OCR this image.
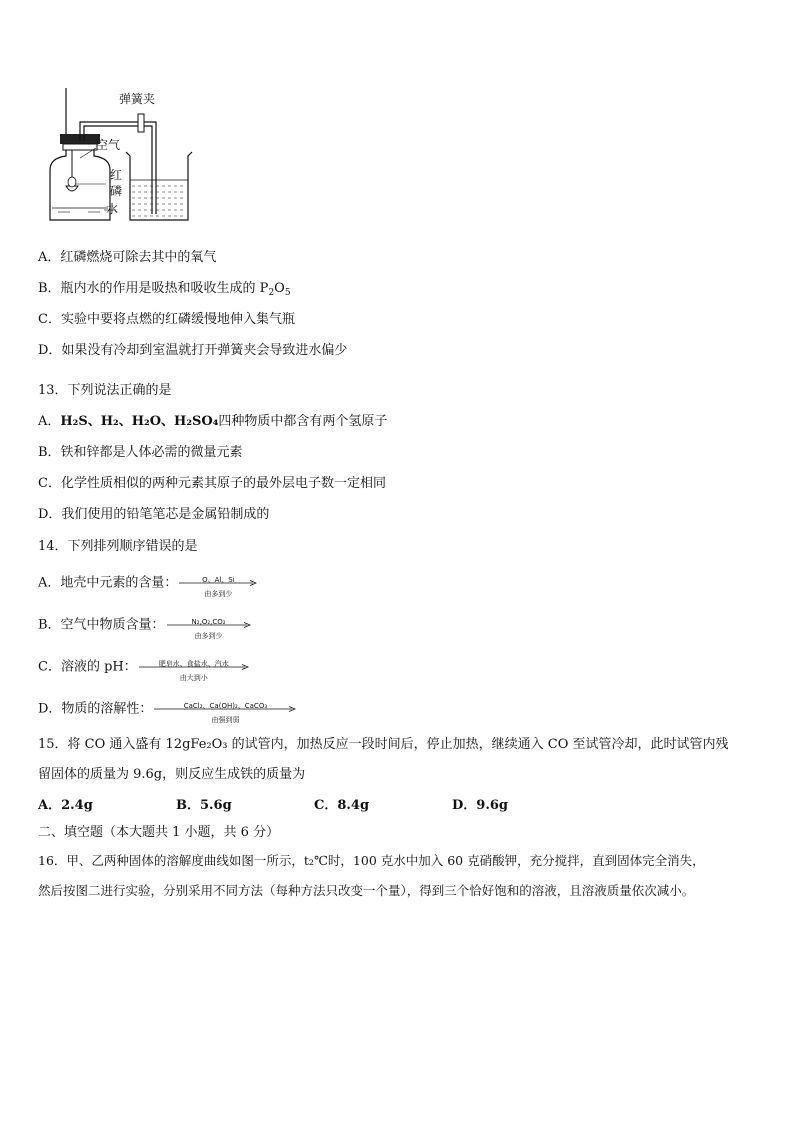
弹簧夹
空气
红
磷
水
A．红磷燃烧可除去其中的氧气
B．瓶内水的作用是吸热和吸收生成的 $P_2O_5$
C．实验中要将点燃的红磷缓慢地伸入集气瓶
D．如果没有冷却到室温就打开弹簧夹会导致进水偏少
13．下列说法正确的是
A．H₂S、H₂、H₂O、H₂SO₄四种物质中都含有两个氢原子
B．铁和锌都是人体必需的微量元素
C．化学性质相似的两种元素其原子的最外层电子数一定相同
D．我们使用的铅笔笔芯是金属铅制成的
14．下列排列顺序错误的是
A．地壳中元素的含量：	O、Al、Si
由多到少
B．空气中物质含量：	N₂,O₂,CO₂
由多到少
C．溶液的 pH：	肥皂水、食盐水、汽水
由大到小
D．物质的溶解性：	CaCl₂、Ca(OH)₂、CaCO₃
由强到弱
15．将 CO 通入盛有 12gFe₂O₃ 的试管内，加热反应一段时间后，停止加热，继续通入 CO 至试管冷却，此时试管内残
留固体的质量为 9.6g，则反应生成铁的质量为
A．2.4g	B．5.6g	C．8.4g	D．9.6g
二、填空题（本大题共 1 小题，共 6 分）
16．甲、乙两种固体的溶解度曲线如图一所示，t₂℃时，100 克水中加入 60 克硝酸钾，充分搅拌，直到固体完全消失，
然后按图二进行实验，分别采用不同方法（每种方法只改变一个量），得到三个恰好饱和的溶液，且溶液质量依次减小。
